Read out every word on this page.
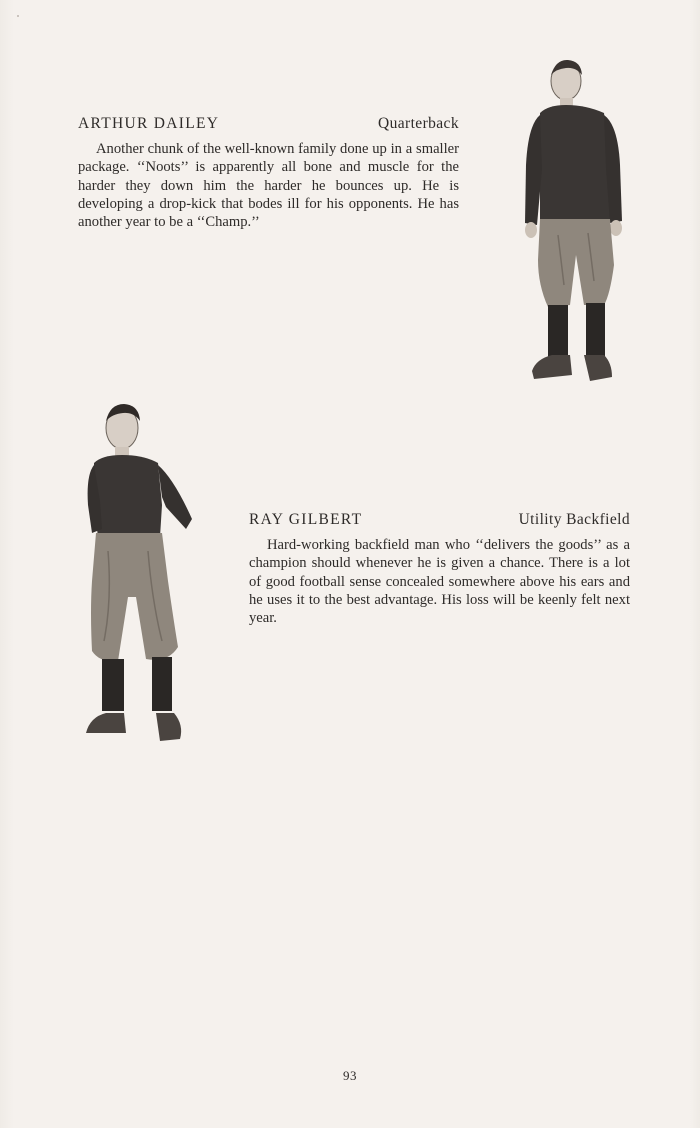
ARTHUR DAILEY	Quarterback

Another chunk of the well-known family done up in a smaller package. ‘‘Noots’’ is apparently all bone and muscle for the harder they down him the harder he bounces up. He is developing a drop-kick that bodes ill for his opponents. He has another year to be a ‘‘Champ.’’

RAY GILBERT	Utility Backfield

Hard-working backfield man who ‘‘delivers the goods’’ as a champion should whenever he is given a chance. There is a lot of good football sense concealed somewhere above his ears and he uses it to the best advantage. His loss will be keenly felt next year.

93
